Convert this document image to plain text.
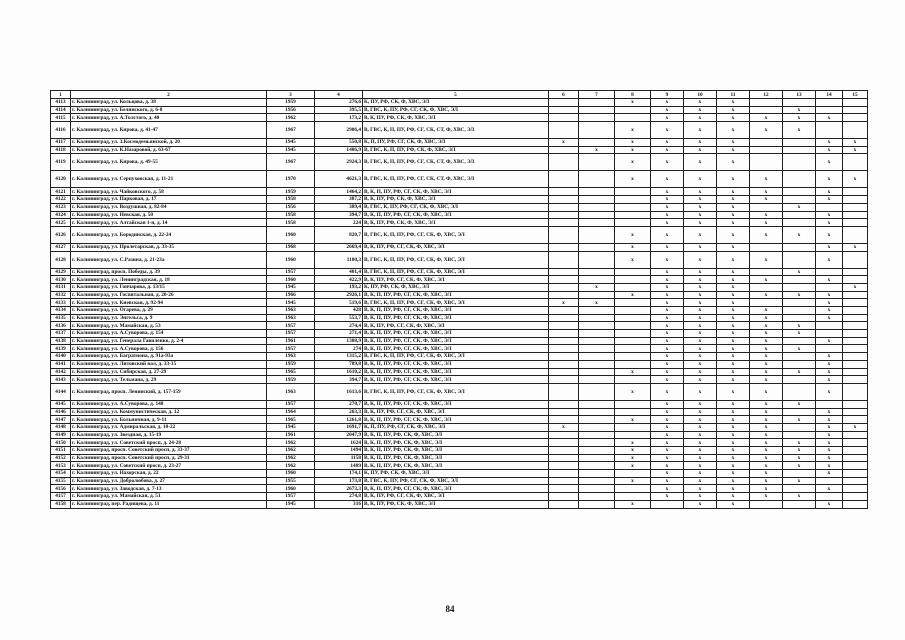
1	2	3	4	5	6	7	8	9	10	11	12	13	14	15
4113	г. Калининград, ул. Кольцова, д. 38	1959	276,6	К, ПУ, РФ, СК, Ф, ХВС, ЭЛ			x	x	x	x				
4114	г. Калининград, ул. Белинского, д. 6-8	1956	395,5	В, ГВС, К, ПУ, РФ, СГ, СК, Ф, ХВС, ЭЛ				x	x	x		x		
4115	г. Калининград, ул. А.Толстого, д. 40	1962	173,2	В, К, ПУ, РФ, СК, Ф, ХВС, ЭЛ				x	x	x	x	x	x	
4116	г. Калининград, ул. Кирова, д. 41-47	1967	2906,4	В, ГВС, К, П, ПУ, РФ, СГ, СК, СТ, Ф, ХВС, ЭЛ			x	x	x	x	x	x		
4117	г. Калининград, ул. З.Космодемьянской, д. 20	1945	550,8	К, П, ПУ, РФ, СГ, СК, Ф, ХВС, ЭЛ	x		x	x	x	x			x	x
4118	г. Калининград, ул. К.Назаровой, д. 63-67	1945	1486,9	В, ГВС, К, П, ПУ, РФ, СК, Ф, ХВС, ЭЛ		x	x	x	x	x			x	x
4119	г. Калининград, ул. Кирова, д. 49-55	1967	2924,3	В, ГВС, К, П, ПУ, РФ, СГ, СК, СТ, Ф, ХВС, ЭЛ			x	x	x	x			x	
4120	г. Калининград, ул. Серпуховская, д. 11-21	1970	4621,3	В, ГВС, К, П, ПУ, РФ, СГ, СК, СТ, Ф, ХВС, ЭЛ			x	x	x	x	x		x	x
4121	г. Калининград, ул. Чайковского, д. 58	1959	1464,2	В, К, П, ПУ, РФ, СГ, СК, Ф, ХВС, ЭЛ				x	x	x	x		x	
4122	г. Калининград, ул. Парковая, д. 17	1958	387,2	В, К, ПУ, РФ, СК, Ф, ХВС, ЭЛ				x	x	x	x		x	
4123	г. Калининград, ул. Воздушная, д. 82-84	1956	389,4	В, ГВС, К, ПУ, РФ, СГ, СК, Ф, ХВС, ЭЛ				x	x	x		x		
4124	г. Калининград, ул. Невская, д. 50	1958	394,7	В, К, П, ПУ, РФ, СГ, СК, Ф, ХВС, ЭЛ				x	x	x	x		x	
4125	г. Калининград, ул. Алтайская 1-я, д. 14	1958	224	В, К, ПУ, РФ, СК, Ф, ХВС, ЭЛ				x	x	x	x		x	
4126	г. Калининград, ул. Бородинская, д. 22-24	1960	820,7	В, ГВС, К, П, ПУ, РФ, СГ, СК, Ф, ХВС, ЭЛ			x	x	x	x	x	x	x	
4127	г. Калининград, ул. Пролетарская, д. 33-35	1968	2669,4	В, К, ПУ, РФ, СГ, СК, Ф, ХВС, ЭЛ			x	x	x	x			x	x
4128	г. Калининград, ул. С.Разина, д. 21-23а	1960	1100,3	В, ГВС, К, П, ПУ, РФ, СГ, СК, Ф, ХВС, ЭЛ			x	x	x	x	x		x	
4129	г. Калининград, просп. Победы, д. 39	1957	401,4	В, ГВС, К, П, ПУ, РФ, СГ, СК, Ф, ХВС, ЭЛ				x	x	x		x		
4130	г. Калининград, ул. Ленинградская, д. 18	1960	422,9	В, К, ПУ, РФ, СГ, СК, Ф, ХВС, ЭЛ				x	x	x	x		x	
4131	г. Калининград, ул. Гончарова, д. 13/15	1945	193,2	К, ПУ, РФ, СК, Ф, ХВС, ЭЛ		x		x	x	x				x
4132	г. Калининград, ул. Госпитальная, д. 20-26	1966	2926,1	В, К, П, ПУ, РФ, СГ, СК, Ф, ХВС, ЭЛ			x	x	x	x	x	x	x	
4133	г. Калининград, ул. Киевская, д. 92-94	1945	519,6	В, ГВС, К, П, ПУ, РФ, СГ, СК, Ф, ХВС, ЭЛ	x	x		x	x	x			x	
4134	г. Калининград, ул. Огарева, д. 29	1963	428	В, К, П, ПУ, РФ, СГ, СК, Ф, ХВС, ЭЛ				x	x	x	x		x	
4135	г. Калининград, ул. Энгельса, д. 9	1963	553,7	В, К, П, ПУ, РФ, СГ, СК, Ф, ХВС, ЭЛ				x	x	x	x		x	
4136	г. Калининград, ул. Мамайская, д. 53	1957	274,4	В, К, ПУ, РФ, СГ, СК, Ф, ХВС, ЭЛ				x	x	x	x	x		
4137	г. Калининград, ул. А.Суворова, д. 154	1957	271,4	В, К, П, ПУ, РФ, СГ, СК, Ф, ХВС, ЭЛ				x	x	x	x	x		
4138	г. Калининград, ул. Генерала Гавиленко, д. 2-4	1961	1308,9	В, К, П, ПУ, РФ, СГ, СК, Ф, ХВС, ЭЛ				x	x	x	x		x	
4139	г. Калининград, ул. А.Суворова, д. 156	1957	274	В, К, П, ПУ, РФ, СГ, СК, Ф, ХВС, ЭЛ				x	x	x	x	x		
4140	г. Калининград, ул. Багратиона, д. 91а-93а	1963	1315,2	В, ГВС, К, П, ПУ, РФ, СГ, СК, Ф, ХВС, ЭЛ				x	x	x	x		x	
4141	г. Калининград, ул. Литовский вал, д. 33-35	1959	789,8	В, К, П, ПУ, РФ, СГ, СК, Ф, ХВС, ЭЛ				x	x	x	x		x	
4142	г. Калининград, ул. Сибирская, д. 27-29	1965	1610,2	В, К, П, ПУ, РФ, СГ, СК, Ф, ХВС, ЭЛ			x	x	x	x	x	x	x	
4143	г. Калининград, ул. Тельмана, д. 29	1959	394,7	В, К, П, ПУ, РФ, СГ, СК, Ф, ХВС, ЭЛ				x	x	x	x		x	
4144	г. Калининград, просп. Ленинский, д. 157-159	1963	1613,6	В, ГВС, К, П, ПУ, РФ, СГ, СК, Ф, ХВС, ЭЛ			x	x	x	x	x		x	
4145	г. Калининград, ул. А.Суворова, д. 148	1957	270,7	В, К, П, ПУ, РФ, СГ, СК, Ф, ХВС, ЭЛ				x	x	x	x	x		
4146	г. Калининград, ул. Коммунистическая, д. 12	1964	263,3	В, К, ПУ, РФ, СГ, СК, Ф, ХВС, ЭЛ				x	x	x	x		x	
4147	г. Калининград, ул. Больничная, д. 9-11	1965	1261,8	В, К, П, ПУ, РФ, СГ, СК, Ф, ХВС, ЭЛ			x	x	x	x	x	x	x	
4148	г. Калининград, ул. Адмиральская, д. 10-22	1945	1691,7	К, П, ПУ, РФ, СГ, СК, Ф, ХВС, ЭЛ	x			x	x	x	x		x	x
4149	г. Калининград, ул. Звездная, д. 15-19	1961	2047,9	В, К, П, ПУ, РФ, СК, Ф, ХВС, ЭЛ				x	x	x	x		x	
4150	г. Калининград, ул. Советский просп, д. 24-28	1962	1624	В, К, П, ПУ, РФ, СК, Ф, ХВС, ЭЛ			x	x	x	x	x	x	x	
4151	г. Калининград, просп. Советский просп, д. 33-37	1962	1494	В, К, П, ПУ, РФ, СК, Ф, ХВС, ЭЛ			x	x	x	x	x	x	x	
4152	г. Калининград, просп. Советский просп, д. 29-31	1962	1158	В, К, П, ПУ, РФ, СК, Ф, ХВС, ЭЛ			x	x	x	x	x	x	x	
4153	г. Калининград, ул. Советский просп, д. 23-27	1962	1489	В, К, П, ПУ, РФ, СК, Ф, ХВС, ЭЛ			x	x	x	x	x	x	x	
4154	г. Калининград, ул. Нахорская, д. 22	1960	174,1	К, ПУ, РФ, СК, Ф, ХВС, ЭЛ				x	x	x	x		x	
4155	г. Калининград, ул. Добролюбова, д. 27	1955	173,8	В, ГВС, К, ПУ, РФ, СГ, СК, Ф, ХВС, ЭЛ			x	x	x	x	x	x		
4156	г. Калининград, ул. Заводская, д. 7-13	1960	2673,3	В, К, П, ПУ, РФ, СГ, СК, Ф, ХВС, ЭЛ				x	x	x	x		x	
4157	г. Калининград, ул. Мамайская, д. 51	1957	274,8	В, К, ПУ, РФ, СГ, СК, Ф, ХВС, ЭЛ				x	x	x	x	x		
4158	г. Калининград, пер. Радищева, д. 11	1945	316	В, К, ПУ, РФ, СК, Ф, ХВС, ЭЛ			x		x	x			x	
84
